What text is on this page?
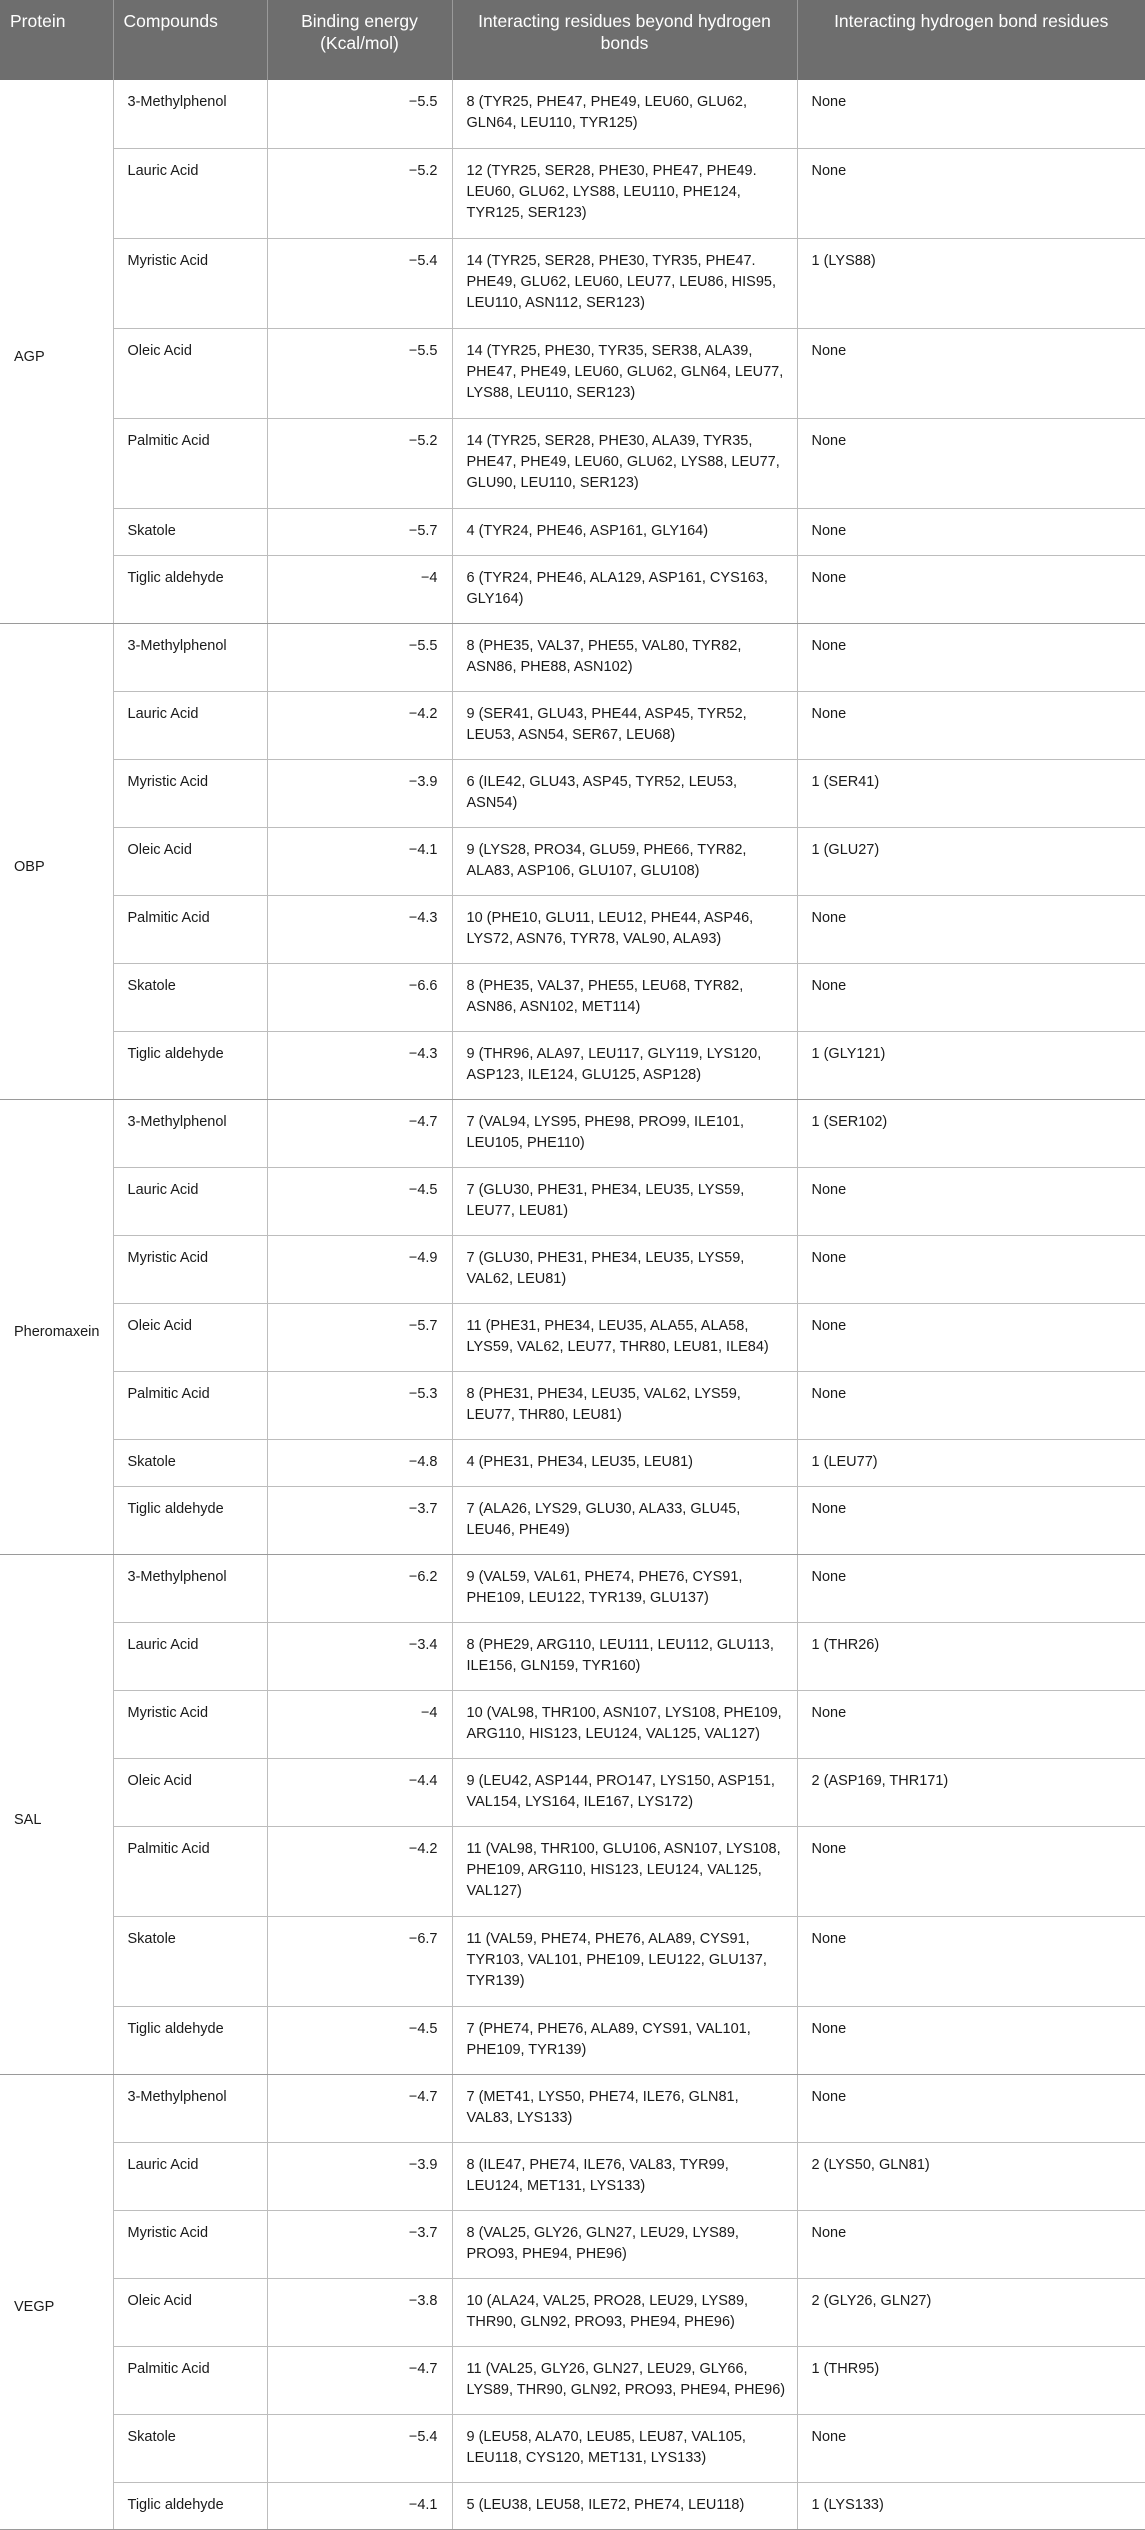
Protein	Compounds	Binding energy (Kcal/mol)	Interacting residues beyond hydrogen bonds	Interacting hydrogen bond residues
AGP	3-Methylphenol	−5.5	8 (TYR25, PHE47, PHE49, LEU60, GLU62, GLN64, LEU110, TYR125)	None
	Lauric Acid	−5.2	12 (TYR25, SER28, PHE30, PHE47, PHE49. LEU60, GLU62, LYS88, LEU110, PHE124, TYR125, SER123)	None
	Myristic Acid	−5.4	14 (TYR25, SER28, PHE30, TYR35, PHE47. PHE49, GLU62, LEU60, LEU77, LEU86, HIS95, LEU110, ASN112, SER123)	1 (LYS88)
	Oleic Acid	−5.5	14 (TYR25, PHE30, TYR35, SER38, ALA39, PHE47, PHE49, LEU60, GLU62, GLN64, LEU77, LYS88, LEU110, SER123)	None
	Palmitic Acid	−5.2	14 (TYR25, SER28, PHE30, ALA39, TYR35, PHE47, PHE49, LEU60, GLU62, LYS88, LEU77, GLU90, LEU110, SER123)	None
	Skatole	−5.7	4 (TYR24, PHE46, ASP161, GLY164)	None
	Tiglic aldehyde	−4	6 (TYR24, PHE46, ALA129, ASP161, CYS163, GLY164)	None
OBP	3-Methylphenol	−5.5	8 (PHE35, VAL37, PHE55, VAL80, TYR82, ASN86, PHE88, ASN102)	None
	Lauric Acid	−4.2	9 (SER41, GLU43, PHE44, ASP45, TYR52, LEU53, ASN54, SER67, LEU68)	None
	Myristic Acid	−3.9	6 (ILE42, GLU43, ASP45, TYR52, LEU53, ASN54)	1 (SER41)
	Oleic Acid	−4.1	9 (LYS28, PRO34, GLU59, PHE66, TYR82, ALA83, ASP106, GLU107, GLU108)	1 (GLU27)
	Palmitic Acid	−4.3	10 (PHE10, GLU11, LEU12, PHE44, ASP46, LYS72, ASN76, TYR78, VAL90, ALA93)	None
	Skatole	−6.6	8 (PHE35, VAL37, PHE55, LEU68, TYR82, ASN86, ASN102, MET114)	None
	Tiglic aldehyde	−4.3	9 (THR96, ALA97, LEU117, GLY119, LYS120, ASP123, ILE124, GLU125, ASP128)	1 (GLY121)
Pheromaxein	3-Methylphenol	−4.7	7 (VAL94, LYS95, PHE98, PRO99, ILE101, LEU105, PHE110)	1 (SER102)
	Lauric Acid	−4.5	7 (GLU30, PHE31, PHE34, LEU35, LYS59, LEU77, LEU81)	None
	Myristic Acid	−4.9	7 (GLU30, PHE31, PHE34, LEU35, LYS59, VAL62, LEU81)	None
	Oleic Acid	−5.7	11 (PHE31, PHE34, LEU35, ALA55, ALA58, LYS59, VAL62, LEU77, THR80, LEU81, ILE84)	None
	Palmitic Acid	−5.3	8 (PHE31, PHE34, LEU35, VAL62, LYS59, LEU77, THR80, LEU81)	None
	Skatole	−4.8	4 (PHE31, PHE34, LEU35, LEU81)	1 (LEU77)
	Tiglic aldehyde	−3.7	7 (ALA26, LYS29, GLU30, ALA33, GLU45, LEU46, PHE49)	None
SAL	3-Methylphenol	−6.2	9 (VAL59, VAL61, PHE74, PHE76, CYS91, PHE109, LEU122, TYR139, GLU137)	None
	Lauric Acid	−3.4	8 (PHE29, ARG110, LEU111, LEU112, GLU113, ILE156, GLN159, TYR160)	1 (THR26)
	Myristic Acid	−4	10 (VAL98, THR100, ASN107, LYS108, PHE109, ARG110, HIS123, LEU124, VAL125, VAL127)	None
	Oleic Acid	−4.4	9 (LEU42, ASP144, PRO147, LYS150, ASP151, VAL154, LYS164, ILE167, LYS172)	2 (ASP169, THR171)
	Palmitic Acid	−4.2	11 (VAL98, THR100, GLU106, ASN107, LYS108, PHE109, ARG110, HIS123, LEU124, VAL125, VAL127)	None
	Skatole	−6.7	11 (VAL59, PHE74, PHE76, ALA89, CYS91, TYR103, VAL101, PHE109, LEU122, GLU137, TYR139)	None
	Tiglic aldehyde	−4.5	7 (PHE74, PHE76, ALA89, CYS91, VAL101, PHE109, TYR139)	None
VEGP	3-Methylphenol	−4.7	7 (MET41, LYS50, PHE74, ILE76, GLN81, VAL83, LYS133)	None
	Lauric Acid	−3.9	8 (ILE47, PHE74, ILE76, VAL83, TYR99, LEU124, MET131, LYS133)	2 (LYS50, GLN81)
	Myristic Acid	−3.7	8 (VAL25, GLY26, GLN27, LEU29, LYS89, PRO93, PHE94, PHE96)	None
	Oleic Acid	−3.8	10 (ALA24, VAL25, PRO28, LEU29, LYS89, THR90, GLN92, PRO93, PHE94, PHE96)	2 (GLY26, GLN27)
	Palmitic Acid	−4.7	11 (VAL25, GLY26, GLN27, LEU29, GLY66, LYS89, THR90, GLN92, PRO93, PHE94, PHE96)	1 (THR95)
	Skatole	−5.4	9 (LEU58, ALA70, LEU85, LEU87, VAL105, LEU118, CYS120, MET131, LYS133)	None
	Tiglic aldehyde	−4.1	5 (LEU38, LEU58, ILE72, PHE74, LEU118)	1 (LYS133)
